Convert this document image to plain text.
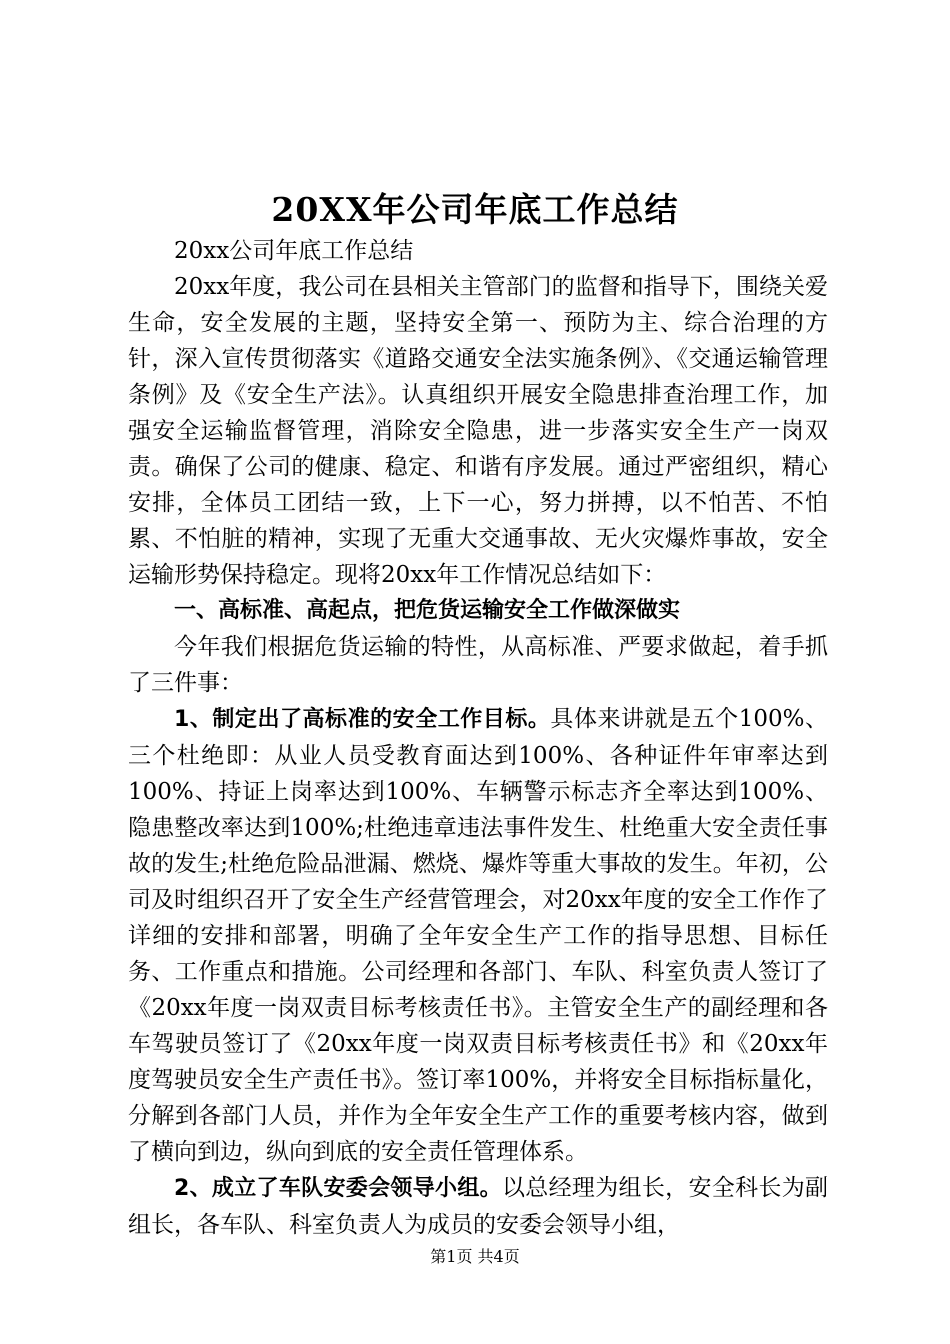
20XX年公司年底工作总结

20xx公司年底工作总结

20xx年度，我公司在县相关主管部门的监督和指导下，围绕关爱生命，安全发展的主题，坚持安全第一、预防为主、综合治理的方针，深入宣传贯彻落实《道路交通安全法实施条例》、《交通运输管理条例》及《安全生产法》。认真组织开展安全隐患排查治理工作，加强安全运输监督管理，消除安全隐患，进一步落实安全生产一岗双责。确保了公司的健康、稳定、和谐有序发展。通过严密组织，精心安排，全体员工团结一致，上下一心，努力拼搏，以不怕苦、不怕累、不怕脏的精神，实现了无重大交通事故、无火灾爆炸事故，安全运输形势保持稳定。现将20xx年工作情况总结如下：

一、高标准、高起点，把危货运输安全工作做深做实

今年我们根据危货运输的特性，从高标准、严要求做起，着手抓了三件事：

1、制定出了高标准的安全工作目标。具体来讲就是五个100%、三个杜绝即：从业人员受教育面达到100%、各种证件年审率达到100%、持证上岗率达到100%、车辆警示标志齐全率达到100%、隐患整改率达到100%;杜绝违章违法事件发生、杜绝重大安全责任事故的发生;杜绝危险品泄漏、燃烧、爆炸等重大事故的发生。年初，公司及时组织召开了安全生产经营管理会，对20xx年度的安全工作作了详细的安排和部署，明确了全年安全生产工作的指导思想、目标任务、工作重点和措施。公司经理和各部门、车队、科室负责人签订了《20xx年度一岗双责目标考核责任书》。主管安全生产的副经理和各车驾驶员签订了《20xx年度一岗双责目标考核责任书》和《20xx年度驾驶员安全生产责任书》。签订率100%，并将安全目标指标量化，分解到各部门人员，并作为全年安全生产工作的重要考核内容，做到了横向到边，纵向到底的安全责任管理体系。

2、成立了车队安委会领导小组。以总经理为组长，安全科长为副组长，各车队、科室负责人为成员的安委会领导小组，

第1页 共4页
